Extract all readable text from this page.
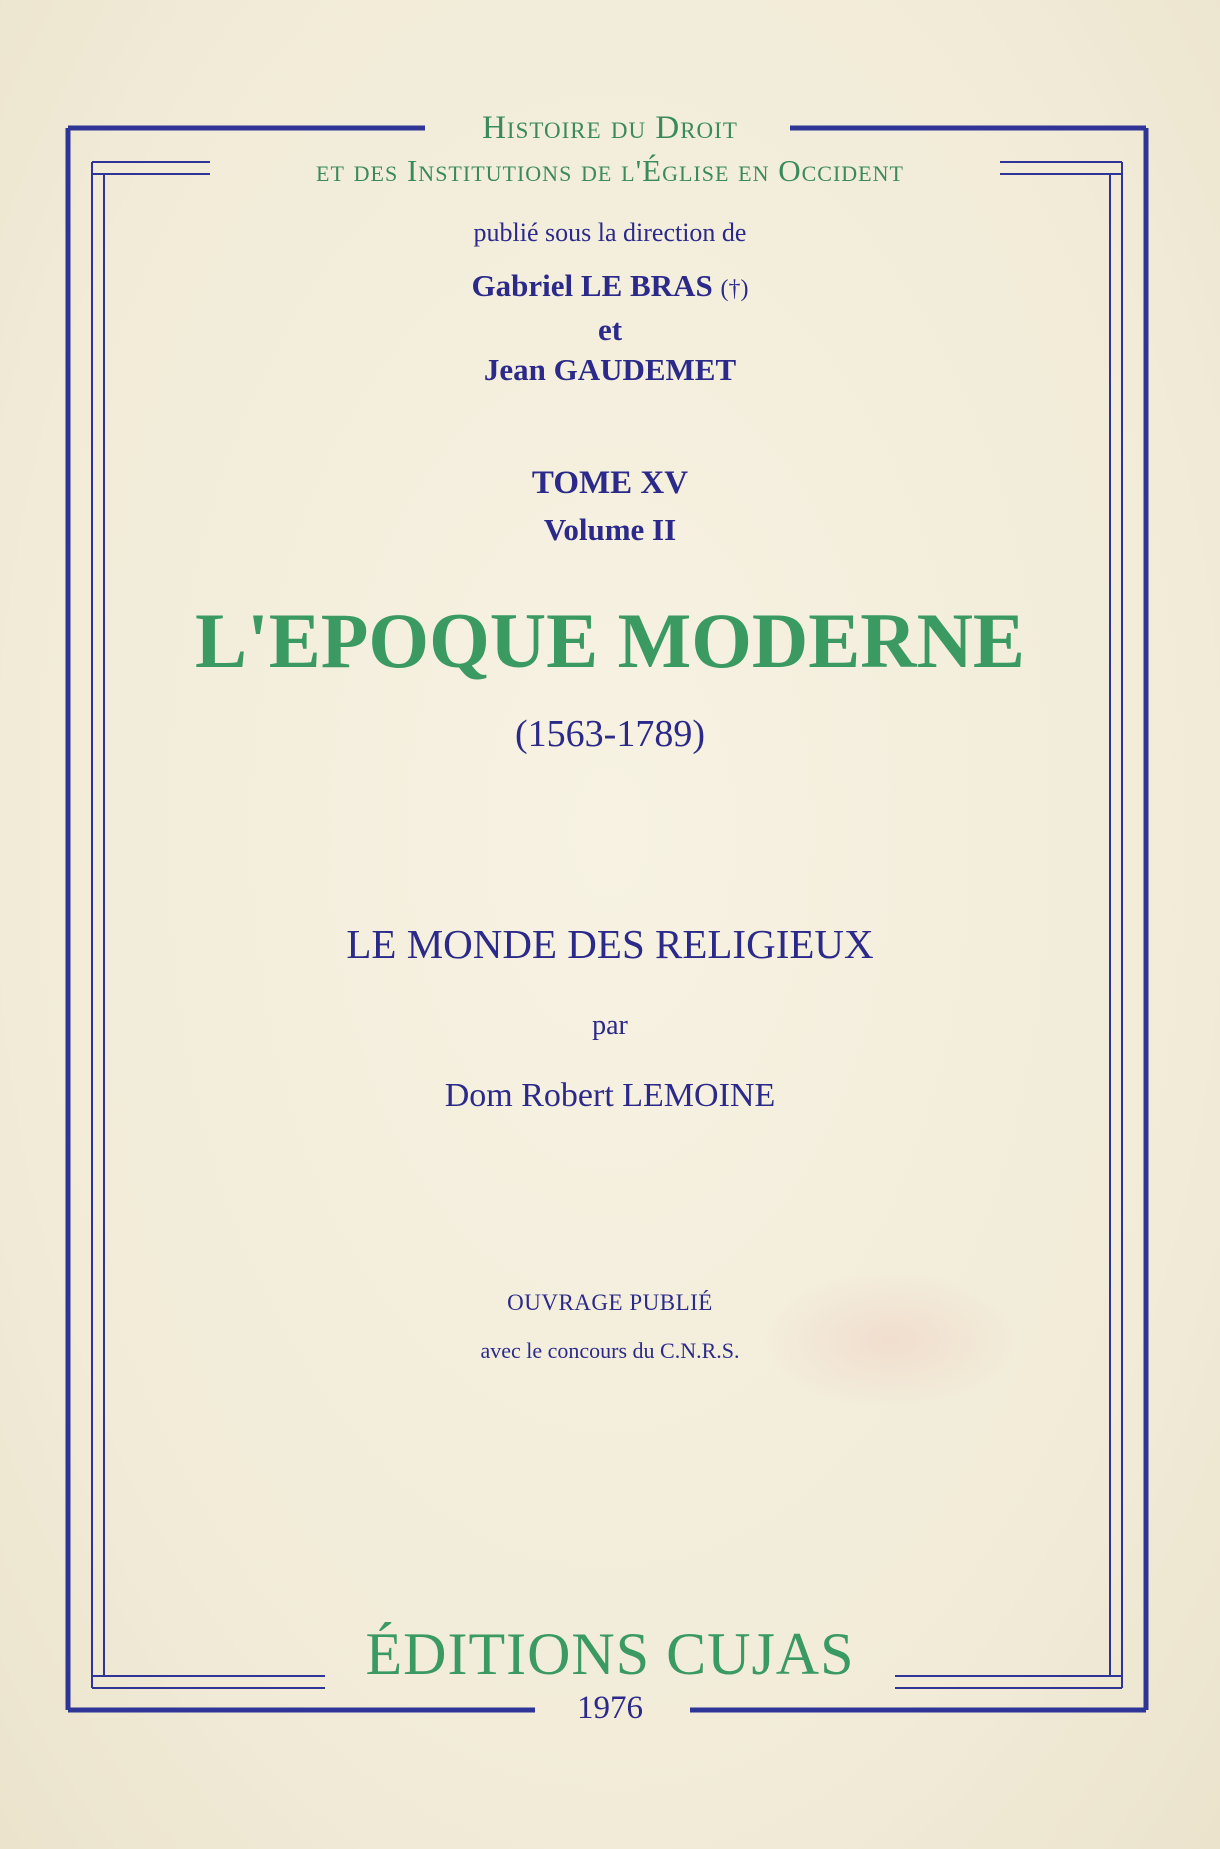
Histoire du Droit
et des Institutions de l'Église en Occident
publié sous la direction de
Gabriel LE BRAS (†)
et
Jean GAUDEMET
TOME XV
Volume II
L'EPOQUE MODERNE
(1563-1789)
LE MONDE DES RELIGIEUX
par
Dom Robert LEMOINE
OUVRAGE PUBLIÉ
avec le concours du C.N.R.S.
ÉDITIONS CUJAS
1976
